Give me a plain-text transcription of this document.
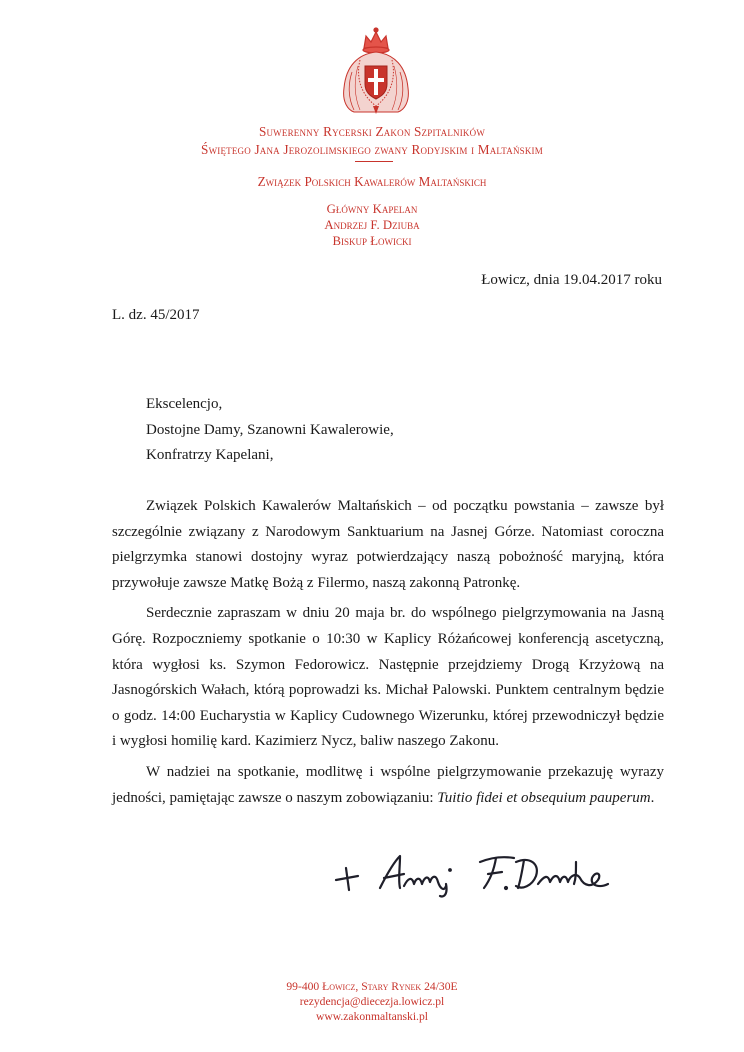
Suwerenny Rycerski Zakon Szpitalników
Świętego Jana Jerozolimskiego zwany Rodyjskim i Maltańskim
Związek Polskich Kawalerów Maltańskich
Główny Kapelan
Andrzej F. Dziuba
Biskup Łowicki
Łowicz, dnia 19.04.2017 roku
L. dz. 45/2017
Ekscelencjo,
Dostojne Damy, Szanowni Kawalerowie,
Konfratrzy Kapelani,

Związek Polskich Kawalerów Maltańskich – od początku powstania – zawsze był szczególnie związany z Narodowym Sanktuarium na Jasnej Górze. Natomiast coroczna pielgrzymka stanowi dostojny wyraz potwierdzający naszą pobożność maryjną, która przywołuje zawsze Matkę Bożą z Filermo, naszą zakonną Patronkę.

Serdecznie zapraszam w dniu 20 maja br. do wspólnego pielgrzymowania na Jasną Górę. Rozpoczniemy spotkanie o 10:30 w Kaplicy Różańcowej konferencją ascetyczną, która wygłosi ks. Szymon Fedorowicz. Następnie przejdziemy Drogą Krzyżową na Jasnogórskich Wałach, którą poprowadzi ks. Michał Palowski. Punktem centralnym będzie o godz. 14:00 Eucharystia w Kaplicy Cudownego Wizerunku, której przewodniczył będzie i wygłosi homilię kard. Kazimierz Nycz, baliw naszego Zakonu.

W nadziei na spotkanie, modlitwę i wspólne pielgrzymowanie przekazuję wyrazy jedności, pamiętając zawsze o naszym zobowiązaniu: Tuitio fidei et obsequium pauperum.

99-400 Łowicz, Stary Rynek 24/30E
rezydencja@diecezja.lowicz.pl
www.zakonmaltanski.pl
